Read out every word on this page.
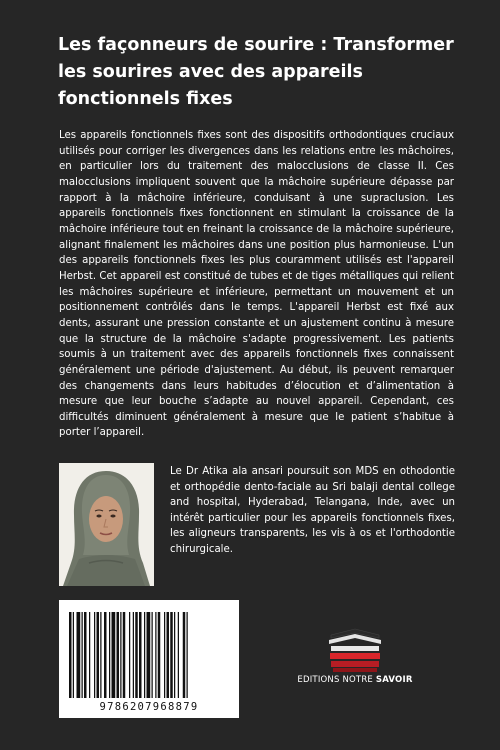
Les façonneurs de sourire : Transformer les sourires avec des appareils fonctionnels fixes

Les appareils fonctionnels fixes sont des dispositifs orthodontiques cruciaux utilisés pour corriger les divergences dans les relations entre les mâchoires, en particulier lors du traitement des malocclusions de classe II. Ces malocclusions impliquent souvent que la mâchoire supérieure dépasse par rapport à la mâchoire inférieure, conduisant à une supraclusion. Les appareils fonctionnels fixes fonctionnent en stimulant la croissance de la mâchoire inférieure tout en freinant la croissance de la mâchoire supérieure, alignant finalement les mâchoires dans une position plus harmonieuse. L'un des appareils fonctionnels fixes les plus couramment utilisés est l'appareil Herbst. Cet appareil est constitué de tubes et de tiges métalliques qui relient les mâchoires supérieure et inférieure, permettant un mouvement et un positionnement contrôlés dans le temps. L'appareil Herbst est fixé aux dents, assurant une pression constante et un ajustement continu à mesure que la structure de la mâchoire s'adapte progressivement. Les patients soumis à un traitement avec des appareils fonctionnels fixes connaissent généralement une période d'ajustement. Au début, ils peuvent remarquer des changements dans leurs habitudes d’élocution et d’alimentation à mesure que leur bouche s’adapte au nouvel appareil. Cependant, ces difficultés diminuent généralement à mesure que le patient s’habitue à porter l’appareil.

Le Dr Atika ala ansari poursuit son MDS en othodontie et orthopédie dento-faciale au Sri balaji dental college and hospital, Hyderabad, Telangana, Inde, avec un intérêt particulier pour les appareils fonctionnels fixes, les aligneurs transparents, les vis à os et l'orthodontie chirurgicale.

9786207968879
EDITIONS NOTRE SAVOIR
